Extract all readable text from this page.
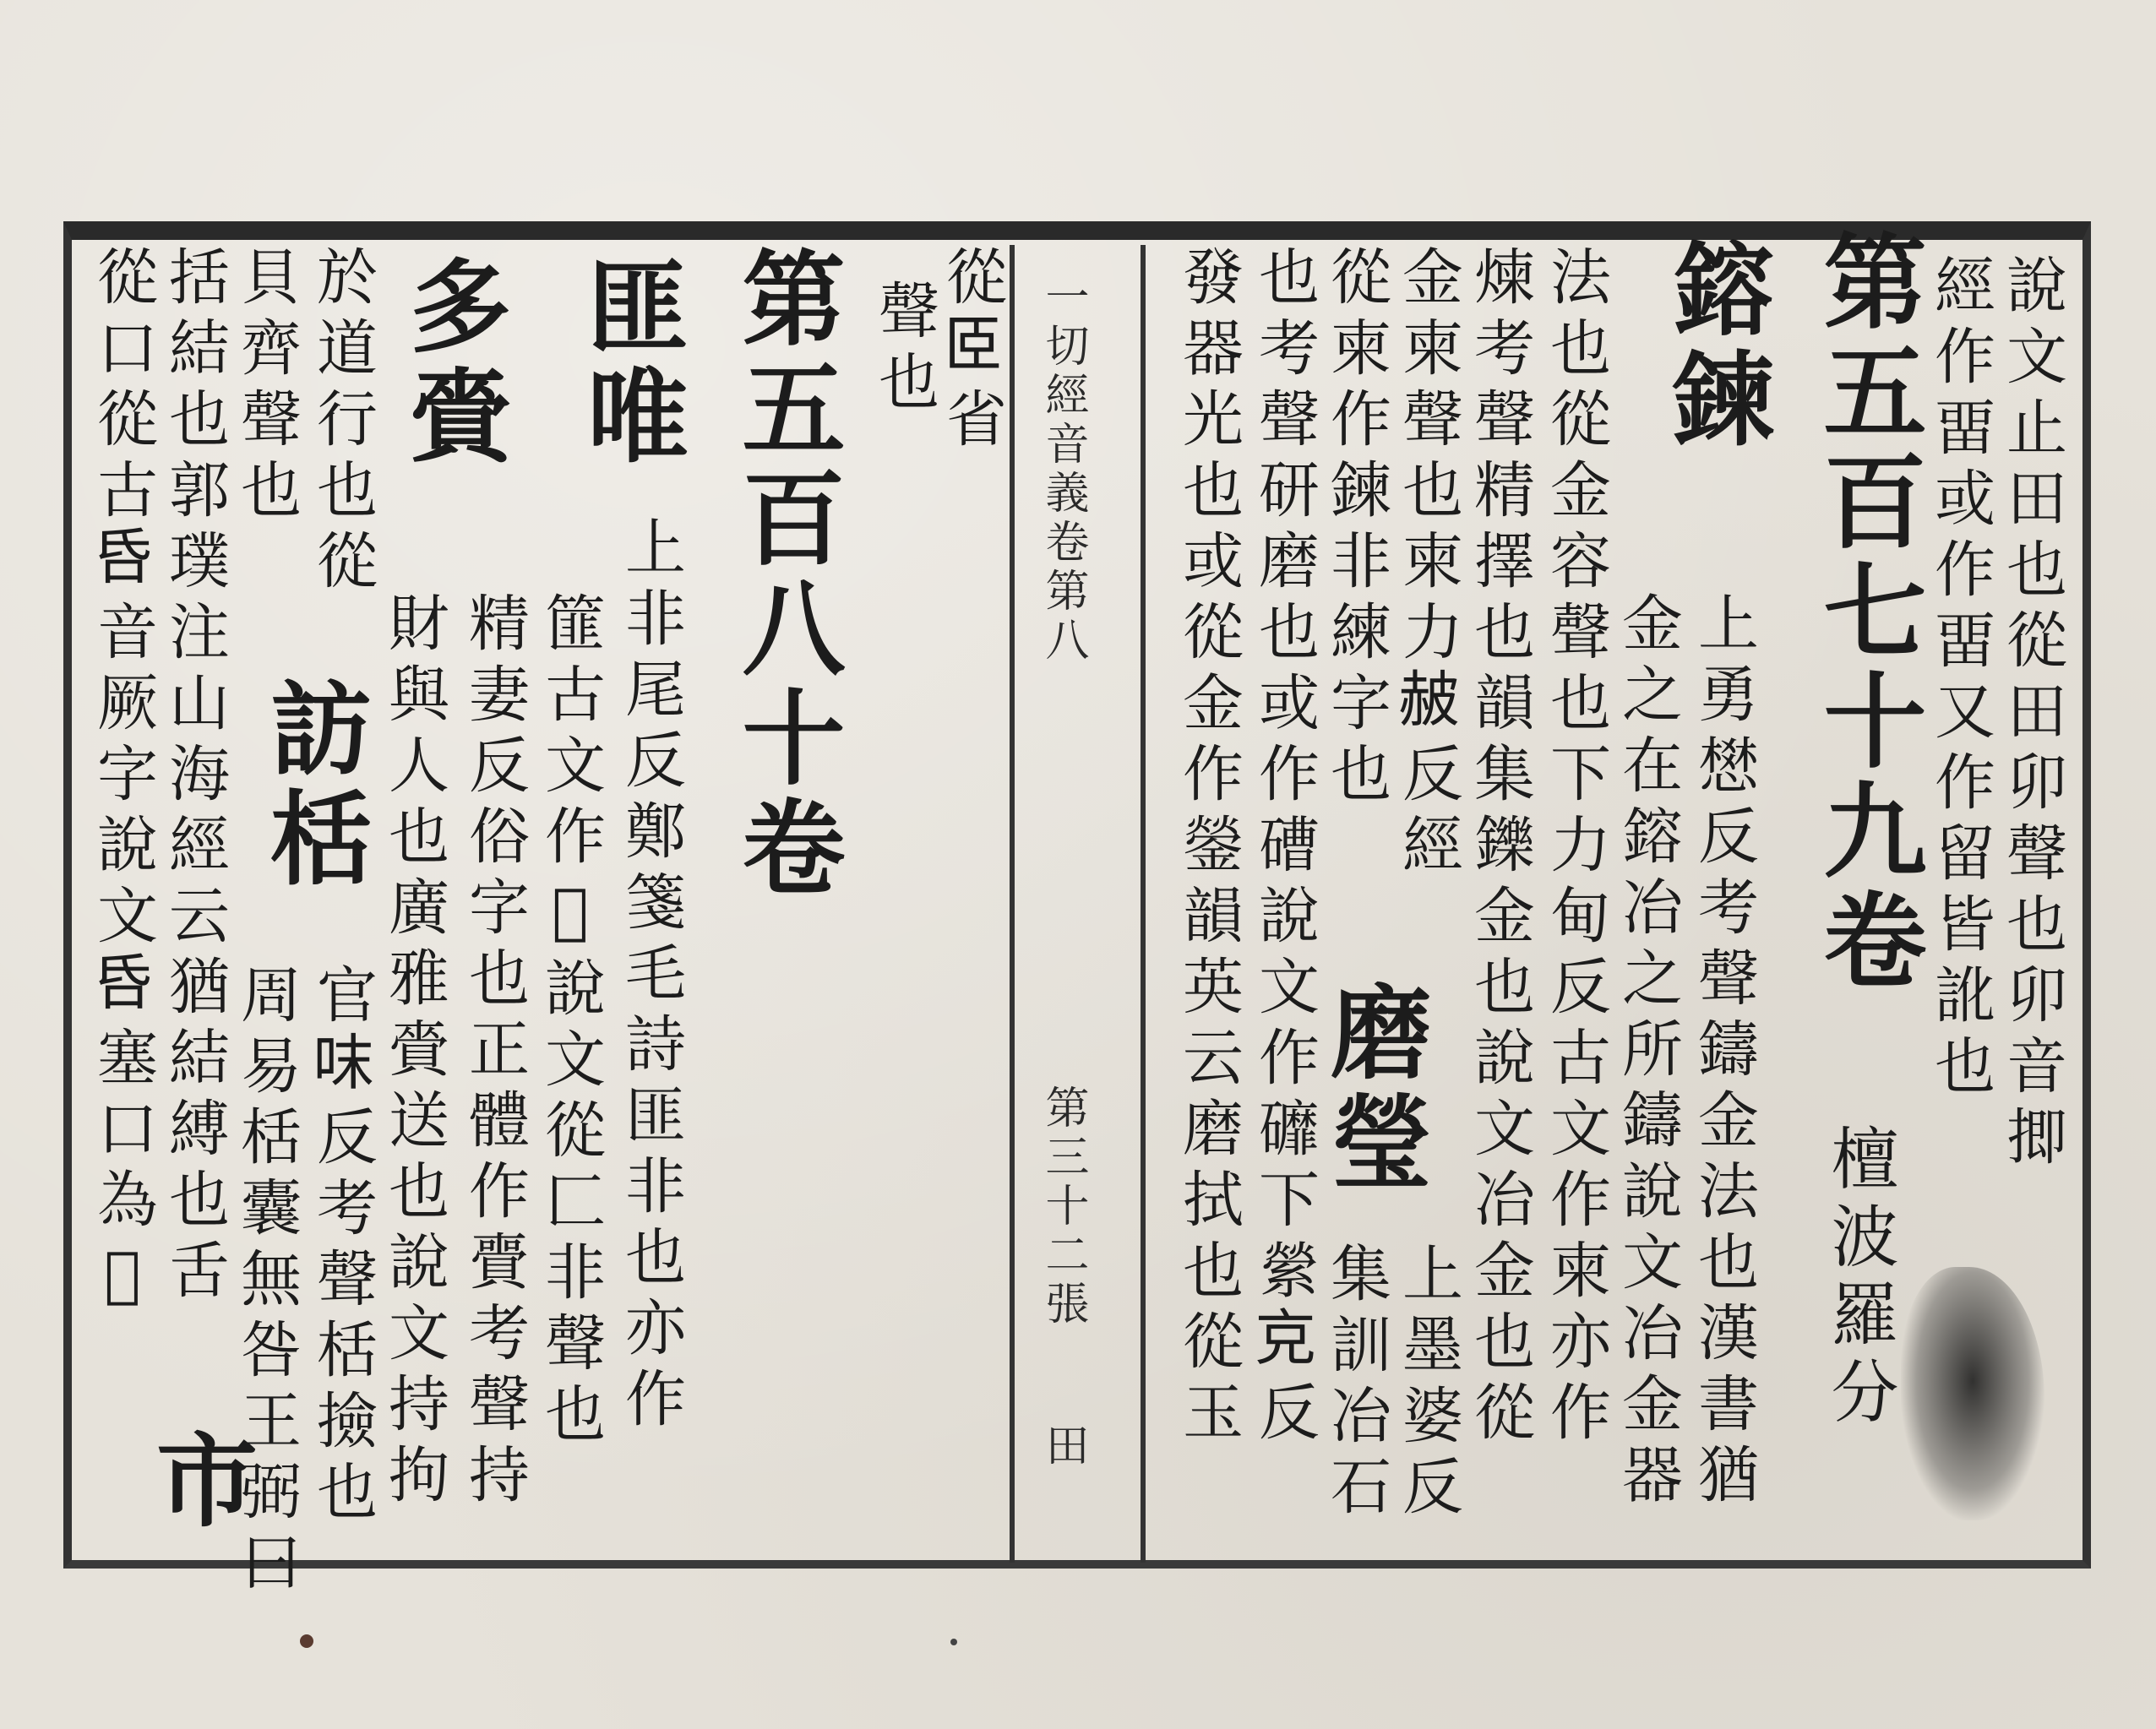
一切經音義卷第八
第三十二張
田
說文止田也從田卯聲也卯音揤
經作畱或作畱又作留皆訛也
第五百七十九卷
檀波羅分
鎔鍊
上勇𢡟反考聲鑄金法也漢書猶
金之在鎔冶之所鑄說文冶金器
法也從金容聲也下力甸反古文作柬亦作
煉考聲精擇也韻集鑠金也說文冶金也從
金柬聲也柬力𧹞反經
磨瑩
上墨婆反
從柬作鍊非練字也
集訓冶石
也考聲研磨也或作𥕢說文作䃺下縈𠑽反
發器光也或從金作鎣韻英云磨拭也從玉
從𦣞省
聲也
第五百八十卷
匪唯
上非尾反鄭箋毛詩匪非也亦作
篚古文作𦋹說文從匚非聲也
多賫
精妻反俗字也正體作賷考聲持
財與人也廣雅賫送也說文持拘
於道行也從
訪栝
官𠰌反考聲栝撿也
貝齊聲也
周易栝囊無咎王弼曰
括結也郭璞注山海經云猶結縛也舌
從口從古𠯑音厥字說文𠯑塞口為𢪛
市
